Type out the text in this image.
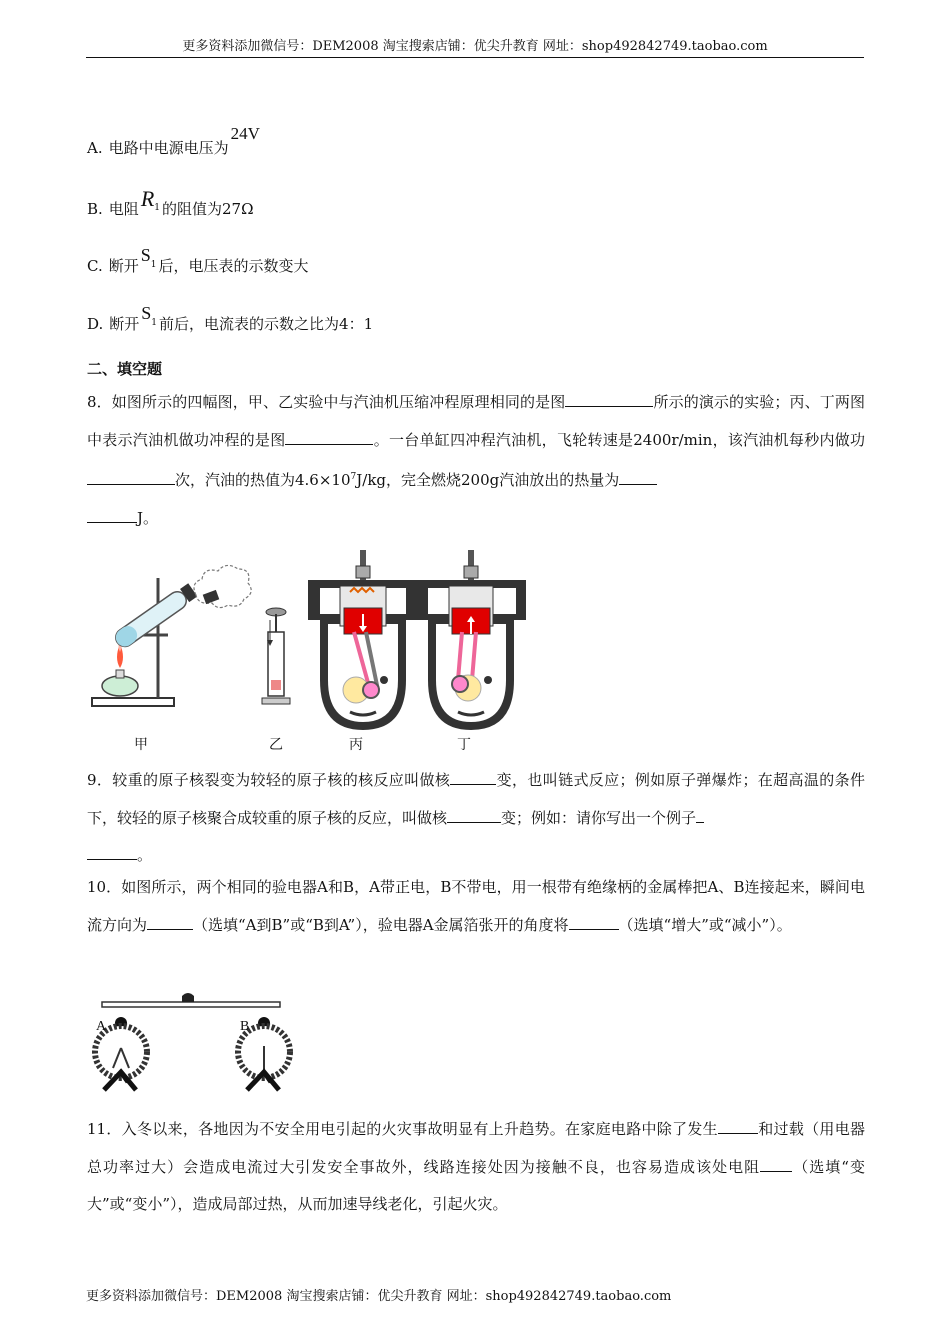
更多资料添加微信号：DEM2008 淘宝搜索店铺：优尖升教育 网址：shop492842749.taobao.com
A. 电路中电源电压为24V
B. 电阻$R^1$ 的阻值为27Ω
C. 断开$S^1$ 后，电压表的示数变大
D. 断开$S^1$ 前后，电流表的示数之比为4：1
二、填空题
8．如图所示的四幅图，甲、乙实验中与汽油机压缩冲程原理相同的是图	所示的演示的实验；丙、丁两图中表示汽油机做功冲程的是图	。一台单缸四冲程汽油机，飞轮转速是2400r/min，该汽油机每秒内做功次，汽油的热值为$4.6\times 10^7J/kg$，完全燃烧200g汽油放出的热量为
J。
甲	乙	丙	丁
9．较重的原子核裂变为较轻的原子核的核反应叫做核	变，也叫链式反应；例如原子弹爆炸；在超高温的条件下，较轻的原子核聚合成较重的原子核的反应，叫做核	变；例如：请你写出一个例子
。
10．如图所示，两个相同的验电器A和B，A带正电，B不带电，用一根带有绝缘柄的金属棒把A、B连接起来，瞬间电流方向为	（选填“A到B”或“B到A”），验电器A金属箔张开的角度将	（选填“增大”或“减小”）。
A	B
11．入冬以来，各地因为不安全用电引起的火灾事故明显有上升趋势。在家庭电路中除了发生	和过载（用电器总功率过大）会造成电流过大引发安全事故外，线路连接处因为接触不良，也容易造成该处电阻 （选填“变大”或“变小”），造成局部过热，从而加速导线老化，引起火灾。
更多资料添加微信号：DEM2008 淘宝搜索店铺：优尖升教育 网址：shop492842749.taobao.com
